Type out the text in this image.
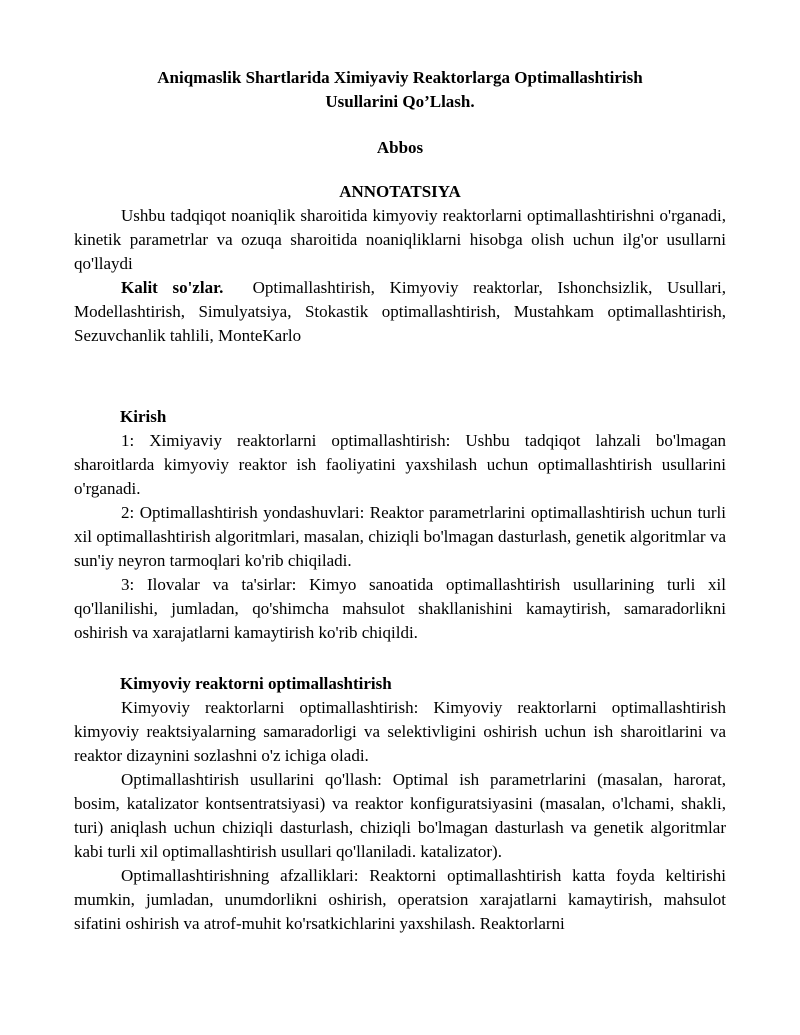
Aniqmaslik Shartlarida Ximiyaviy Reaktorlarga Optimallashtirish
Usullarini Qo’Llash.

Abbos

ANNOTATSIYA

Ushbu tadqiqot noaniqlik sharoitida kimyoviy reaktorlarni optimallashtirishni o'rganadi, kinetik parametrlar va ozuqa sharoitida noaniqliklarni hisobga olish uchun ilg'or usullarni qo'llaydi

Kalit so'zlar. Optimallashtirish, Kimyoviy reaktorlar, Ishonchsizlik, Usullari, Modellashtirish, Simulyatsiya, Stokastik optimallashtirish, Mustahkam optimallashtirish, Sezuvchanlik tahlili, MonteKarlo

Kirish

1: Ximiyaviy reaktorlarni optimallashtirish: Ushbu tadqiqot lahzali bo'lmagan sharoitlarda kimyoviy reaktor ish faoliyatini yaxshilash uchun optimallashtirish usullarini o'rganadi.

2: Optimallashtirish yondashuvlari: Reaktor parametrlarini optimallashtirish uchun turli xil optimallashtirish algoritmlari, masalan, chiziqli bo'lmagan dasturlash, genetik algoritmlar va sun'iy neyron tarmoqlari ko'rib chiqiladi.

3: Ilovalar va ta'sirlar: Kimyo sanoatida optimallashtirish usullarining turli xil qo'llanilishi, jumladan, qo'shimcha mahsulot shakllanishini kamaytirish, samaradorlikni oshirish va xarajatlarni kamaytirish ko'rib chiqildi.

Kimyoviy reaktorni optimallashtirish

Kimyoviy reaktorlarni optimallashtirish: Kimyoviy reaktorlarni optimallashtirish kimyoviy reaktsiyalarning samaradorligi va selektivligini oshirish uchun ish sharoitlarini va reaktor dizaynini sozlashni o'z ichiga oladi.

Optimallashtirish usullarini qo'llash: Optimal ish parametrlarini (masalan, harorat, bosim, katalizator kontsentratsiyasi) va reaktor konfiguratsiyasini (masalan, o'lchami, shakli, turi) aniqlash uchun chiziqli dasturlash, chiziqli bo'lmagan dasturlash va genetik algoritmlar kabi turli xil optimallashtirish usullari qo'llaniladi. katalizator).

Optimallashtirishning afzalliklari: Reaktorni optimallashtirish katta foyda keltirishi mumkin, jumladan, unumdorlikni oshirish, operatsion xarajatlarni kamaytirish, mahsulot sifatini oshirish va atrof-muhit ko'rsatkichlarini yaxshilash. Reaktorlarni
